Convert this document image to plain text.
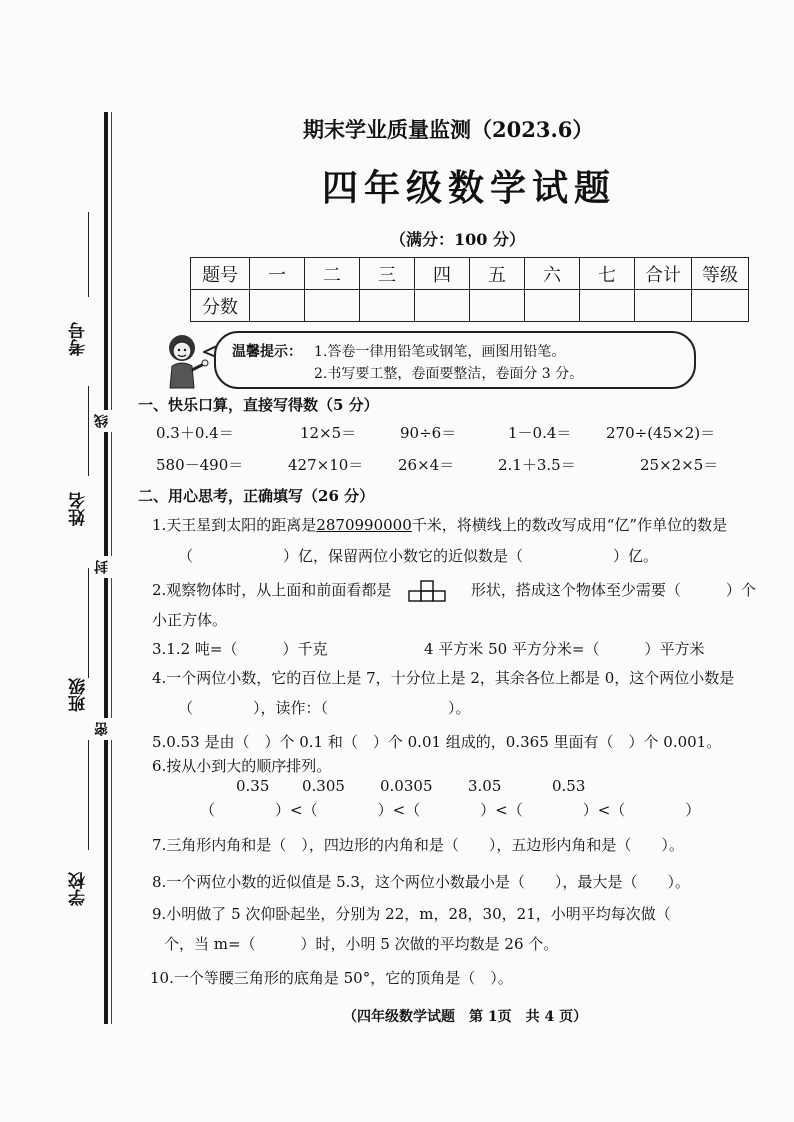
考号
姓名
班级
学校
线
封
密
期末学业质量监测（2023.6）
四年级数学试题
（满分：100 分）
题号	一	二	三	四	五	六	七	合计	等级
分数									
温馨提示： 1.答卷一律用铅笔或钢笔，画图用铅笔。
2.书写要工整，卷面要整洁，卷面分 3 分。
一、快乐口算，直接写得数（5 分）
0.3＋0.4＝	12×5＝	90÷6＝	1－0.4＝ 270÷(45×2)＝
580－490＝	427×10＝ 26×4＝	2.1＋3.5＝	25×2×5＝
二、用心思考，正确填写（26 分）
1.天王星到太阳的距离是2870990000千米，将横线上的数改写成用“亿”作单位的数是
（　　　　　　）亿，保留两位小数它的近似数是（　　　　　　）亿。
2.观察物体时，从上面和前面看都是	形状，搭成这个物体至少需要（　　　）个
小正方体。
3.1.2 吨=（　　　）千克	4 平方米 50 平方分米=（　　　）平方米
4.一个两位小数，它的百位上是 7，十分位上是 2，其余各位上都是 0，这个两位小数是
（　　　　），读作：（　　　　　　　　）。
5.0.53 是由（　）个 0.1 和（　）个 0.01 组成的，0.365 里面有（　）个 0.001。
6.按从小到大的顺序排列。
0.35 0.305 0.0305 3.05	0.53
（　　　　）<（　　　　）<（　　　　）<（　　　　）<（　　　　）
7.三角形内角和是（　），四边形的内角和是（　　），五边形内角和是（　　）。
8.一个两位小数的近似值是 5.3，这个两位小数最小是（　　），最大是（　　）。
9.小明做了 5 次仰卧起坐，分别为 22，m，28，30，21，小明平均每次做（
个，当 m=（　　　）时，小明 5 次做的平均数是 26 个。
10.一个等腰三角形的底角是 50°，它的顶角是（　）。
（四年级数学试题　第 1页　共 4 页）
